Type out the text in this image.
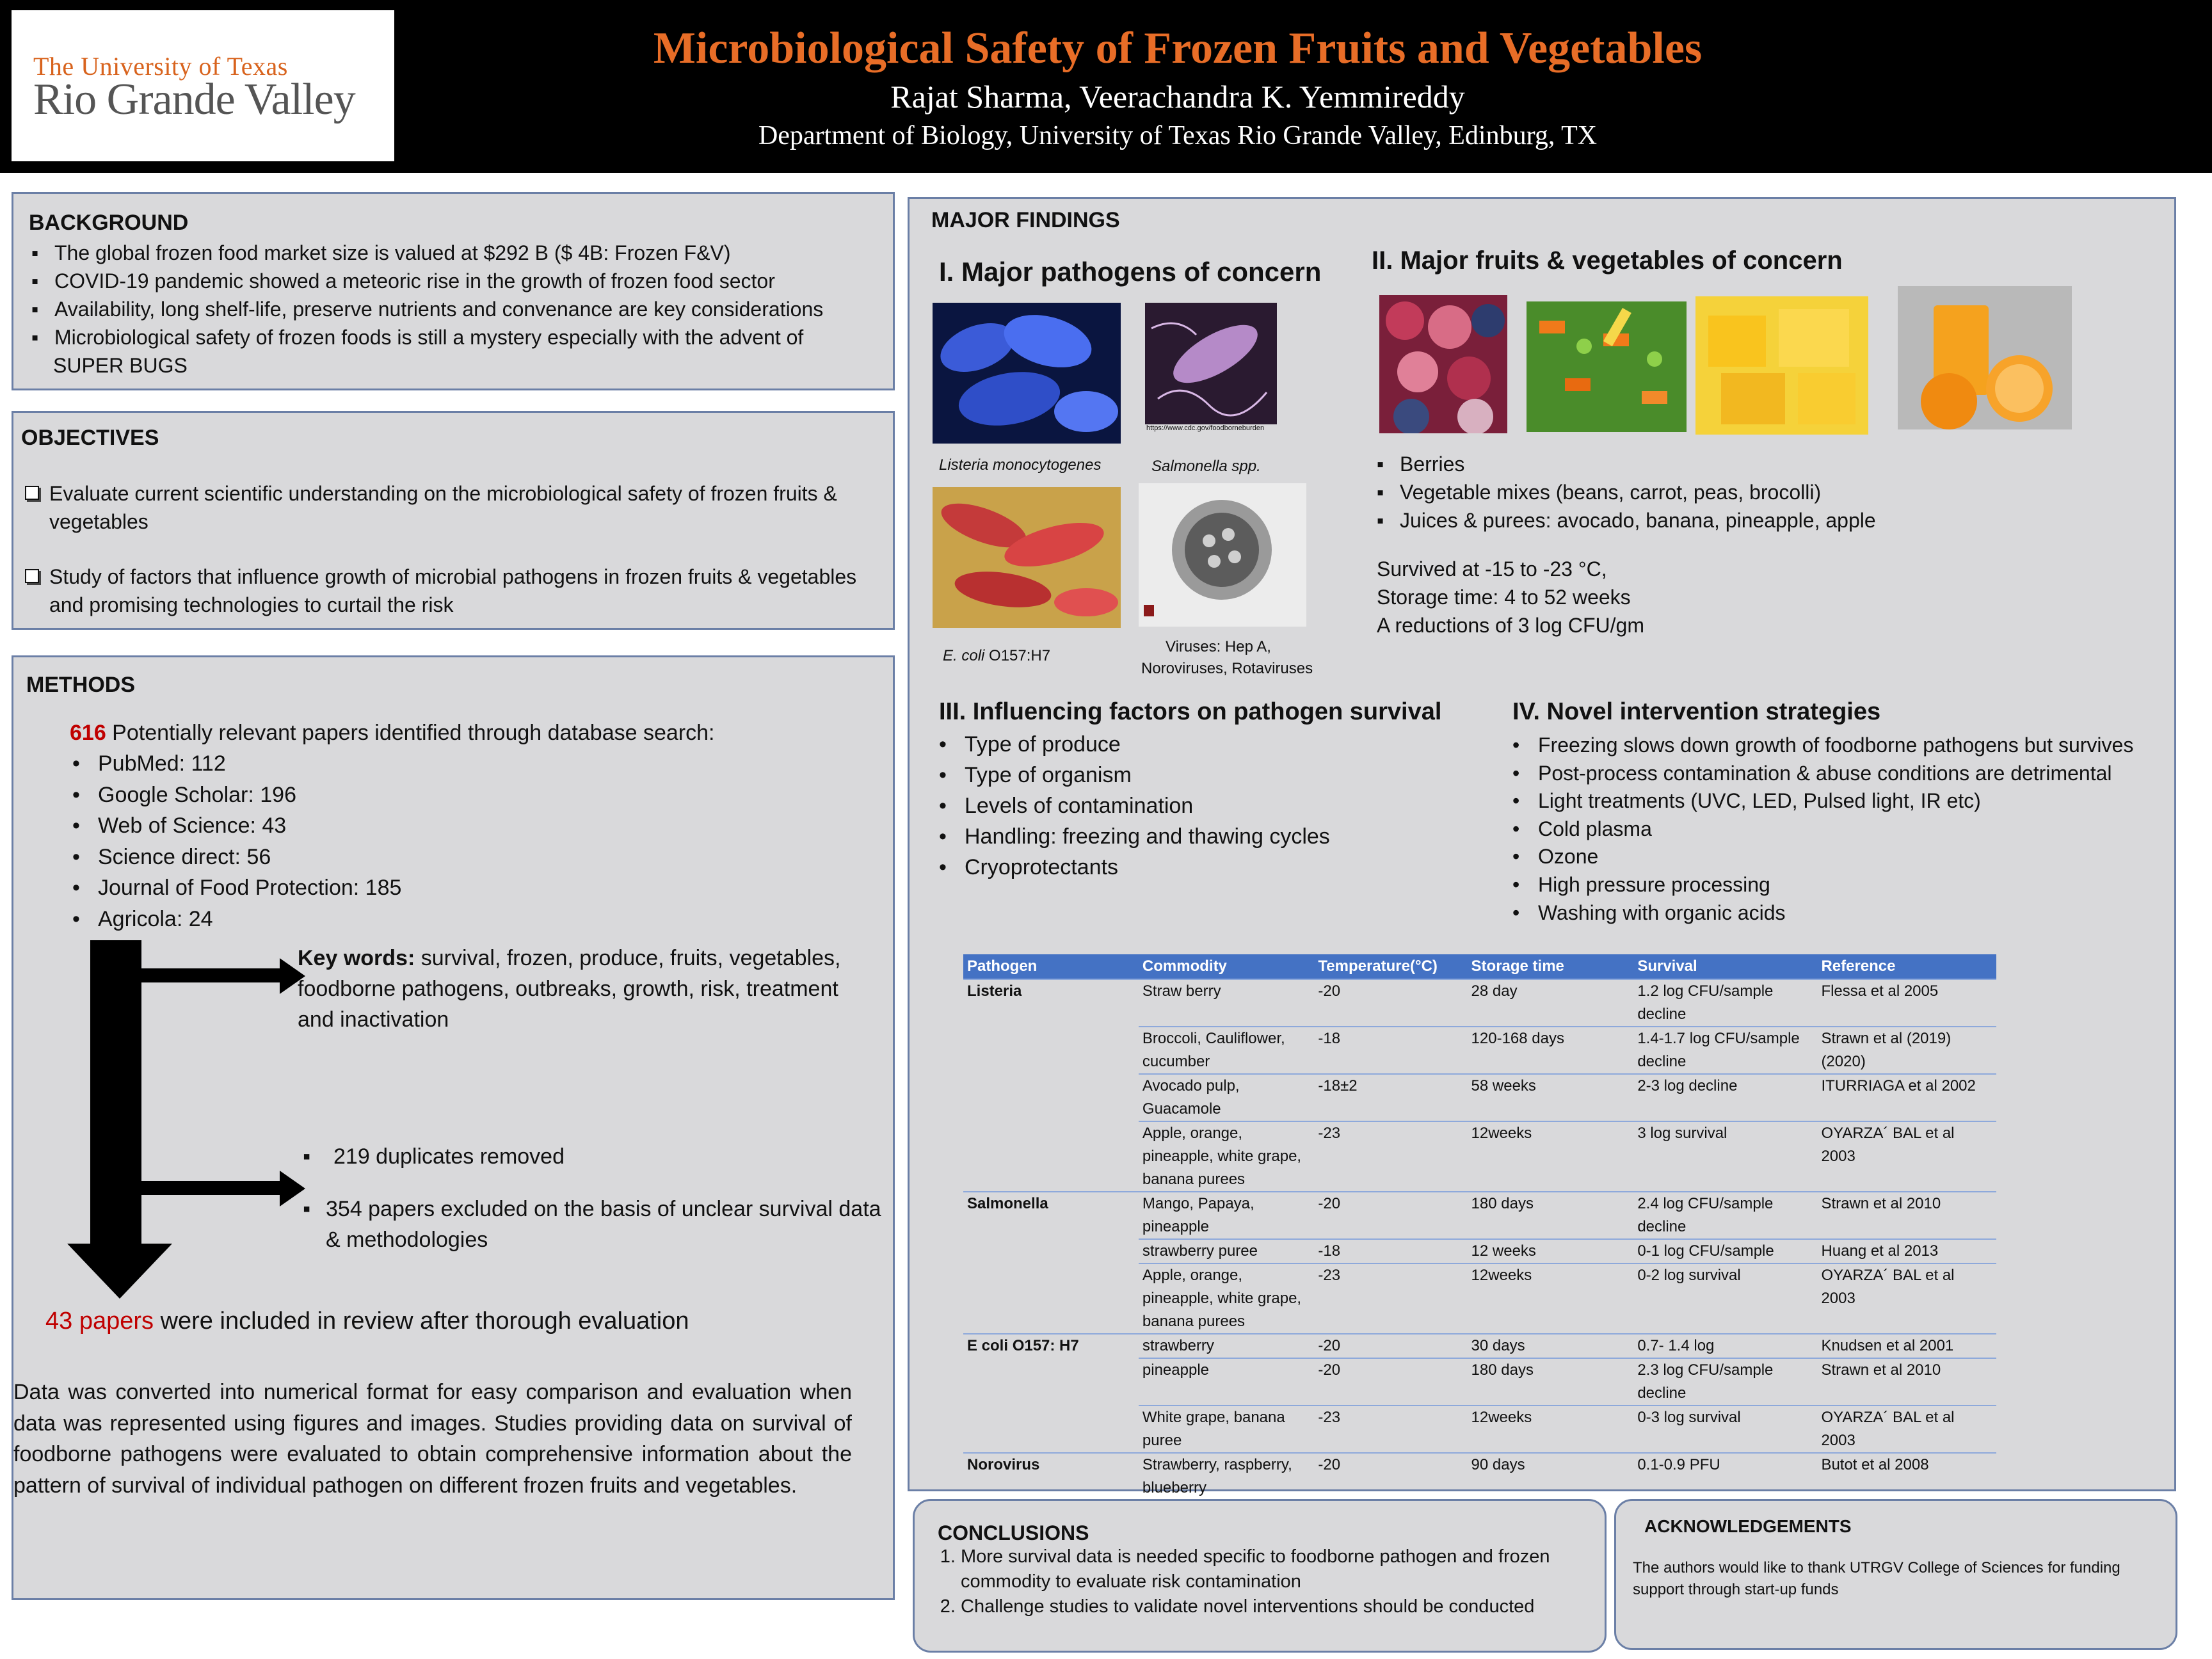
The University of Texas
Rio Grande Valley
Microbiological Safety of Frozen Fruits and Vegetables
Rajat Sharma, Veerachandra K. Yemmireddy
Department of Biology, University of Texas Rio Grande Valley, Edinburg, TX
BACKGROUND
▪ The global frozen food market size is valued at $292 B ($ 4B: Frozen F&V)
▪ COVID-19 pandemic showed a meteoric rise in the growth of frozen food sector
▪ Availability, long shelf-life, preserve nutrients and convenance are key considerations
▪ Microbiological safety of frozen foods is still a mystery especially with the advent of
SUPER BUGS
OBJECTIVES
Evaluate current scientific understanding on the microbiological safety of frozen fruits & vegetables
Study of factors that influence growth of microbial pathogens in frozen fruits & vegetables and promising technologies to curtail the risk
METHODS
616 Potentially relevant papers identified through database search:
• PubMed: 112
• Google Scholar: 196
• Web of Science: 43
• Science direct: 56
• Journal of Food Protection: 185
• Agricola: 24
Key words: survival, frozen, produce, fruits, vegetables, foodborne pathogens, outbreaks, growth, risk, treatment and inactivation
▪ 219 duplicates removed
▪ 354 papers excluded on the basis of unclear survival data & methodologies
43 papers were included in review after thorough evaluation
Data was converted into numerical format for easy comparison and evaluation when data was represented using figures and images. Studies providing data on survival of foodborne pathogens were evaluated to obtain comprehensive information about the pattern of survival of individual pathogen on different frozen fruits and vegetables.
MAJOR FINDINGS
I. Major pathogens of concern
https://www.cdc.gov/foodborneburden
Listeria monocytogenes	Salmonella spp.
E. coli O157:H7
Viruses: Hep A,
Noroviruses, Rotaviruses
II. Major fruits & vegetables of concern
▪ Berries
▪ Vegetable mixes (beans, carrot, peas, brocolli)
▪ Juices & purees: avocado, banana, pineapple, apple
Survived at -15 to -23 °C,
Storage time: 4 to 52 weeks
A reductions of 3 log CFU/gm
III. Influencing factors on pathogen survival
• Type of produce
• Type of organism
• Levels of contamination
• Handling: freezing and thawing cycles
• Cryoprotectants
IV. Novel intervention strategies
• Freezing slows down growth of foodborne pathogens but survives
• Post-process contamination & abuse conditions are detrimental
• Light treatments (UVC, LED, Pulsed light, IR etc)
• Cold plasma
• Ozone
• High pressure processing
• Washing with organic acids
Pathogen	Commodity	Temperature(°C)	Storage time	Survival	Reference
Listeria	Straw berry	-20	28 day	1.2 log CFU/sample decline	Flessa et al 2005
	Broccoli, Cauliflower, cucumber	-18	120-168 days	1.4-1.7 log CFU/sample decline	Strawn et al (2019) (2020)
	Avocado pulp, Guacamole	-18±2	58 weeks	2-3 log decline	ITURRIAGA et al 2002
	Apple, orange, pineapple, white grape, banana purees	-23	12weeks	3 log survival	OYARZA´ BAL et al 2003
Salmonella	Mango, Papaya, pineapple	-20	180 days	2.4 log CFU/sample decline	Strawn et al 2010
	strawberry puree	-18	12 weeks	0-1 log CFU/sample	Huang et al 2013
	Apple, orange, pineapple, white grape, banana purees	-23	12weeks	0-2 log survival	OYARZA´ BAL et al 2003
E coli O157: H7	strawberry	-20	30 days	0.7- 1.4 log	Knudsen et al 2001
	pineapple	-20	180 days	2.3 log CFU/sample decline	Strawn et al 2010
	White grape, banana puree	-23	12weeks	0-3 log survival	OYARZA´ BAL et al 2003
Norovirus	Strawberry, raspberry, blueberry	-20	90 days	0.1-0.9 PFU	Butot et al 2008
CONCLUSIONS
1. More survival data is needed specific to foodborne pathogen and frozen commodity to evaluate risk contamination
2. Challenge studies to validate novel interventions should be conducted
ACKNOWLEDGEMENTS
The authors would like to thank UTRGV College of Sciences for funding support through start-up funds
